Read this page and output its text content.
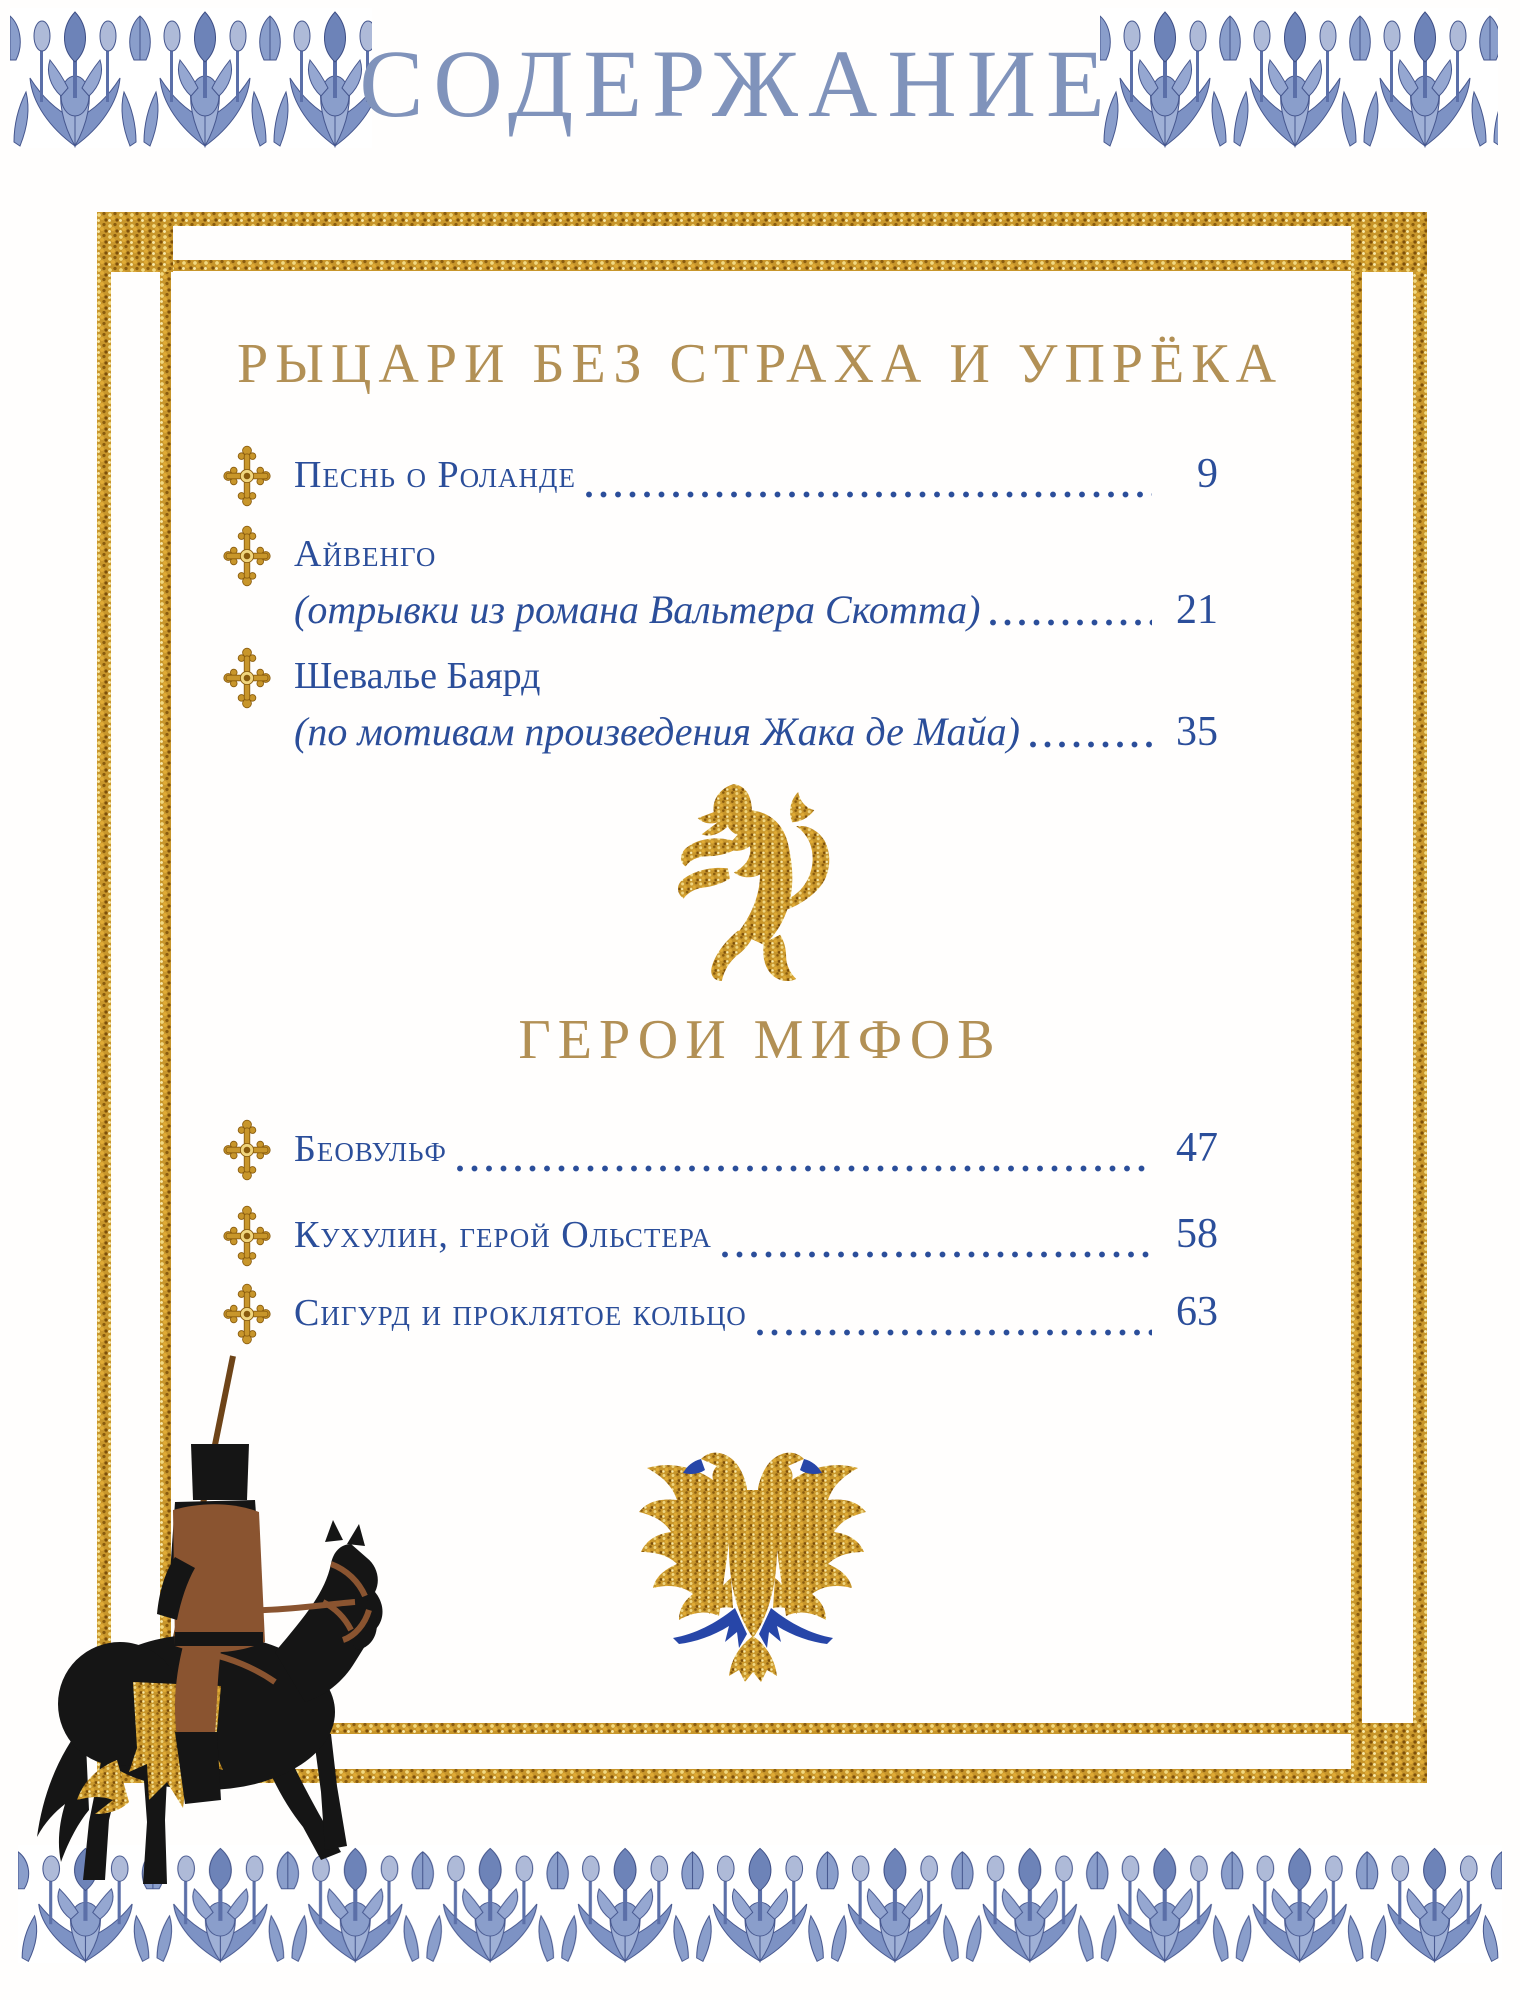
СОДЕРЖАНИЕ
РЫЦАРИ БЕЗ СТРАХА И УПРЁКА
Песнь о Роланде	9
Айвенго
(отрывки из романа Вальтера Скотта)	21
Шевалье Баярд
(по мотивам произведения Жака де Майа)	35
ГЕРОИ МИФОВ
Беовульф	47
Кухулин, герой Ольстера	58
Сигурд и проклятое кольцо	63
